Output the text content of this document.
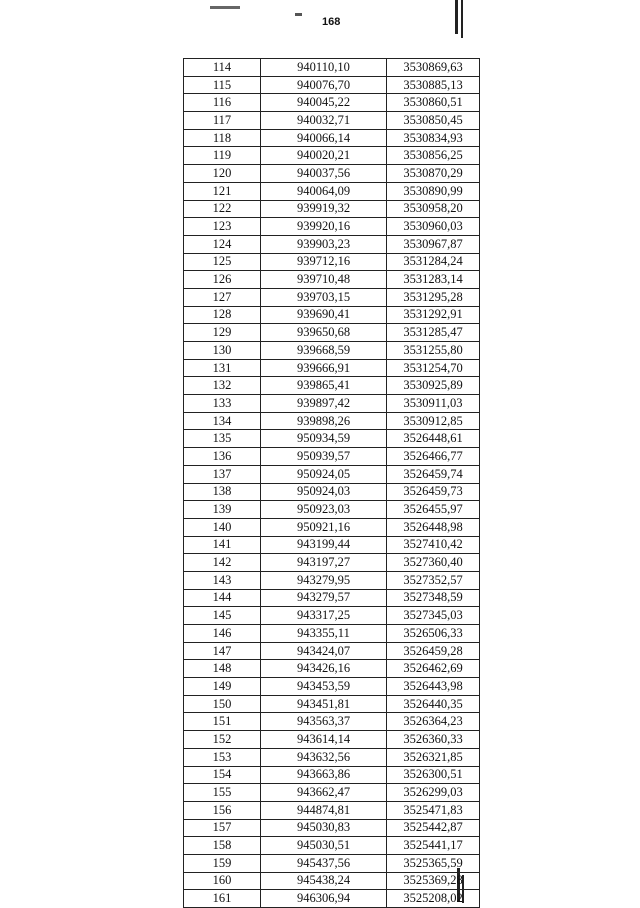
168
114	940110,10	3530869,63
115	940076,70	3530885,13
116	940045,22	3530860,51
117	940032,71	3530850,45
118	940066,14	3530834,93
119	940020,21	3530856,25
120	940037,56	3530870,29
121	940064,09	3530890,99
122	939919,32	3530958,20
123	939920,16	3530960,03
124	939903,23	3530967,87
125	939712,16	3531284,24
126	939710,48	3531283,14
127	939703,15	3531295,28
128	939690,41	3531292,91
129	939650,68	3531285,47
130	939668,59	3531255,80
131	939666,91	3531254,70
132	939865,41	3530925,89
133	939897,42	3530911,03
134	939898,26	3530912,85
135	950934,59	3526448,61
136	950939,57	3526466,77
137	950924,05	3526459,74
138	950924,03	3526459,73
139	950923,03	3526455,97
140	950921,16	3526448,98
141	943199,44	3527410,42
142	943197,27	3527360,40
143	943279,95	3527352,57
144	943279,57	3527348,59
145	943317,25	3527345,03
146	943355,11	3526506,33
147	943424,07	3526459,28
148	943426,16	3526462,69
149	943453,59	3526443,98
150	943451,81	3526440,35
151	943563,37	3526364,23
152	943614,14	3526360,33
153	943632,56	3526321,85
154	943663,86	3526300,51
155	943662,47	3526299,03
156	944874,81	3525471,83
157	945030,83	3525442,87
158	945030,51	3525441,17
159	945437,56	3525365,59
160	945438,24	3525369,28
161	946306,94	3525208,02
